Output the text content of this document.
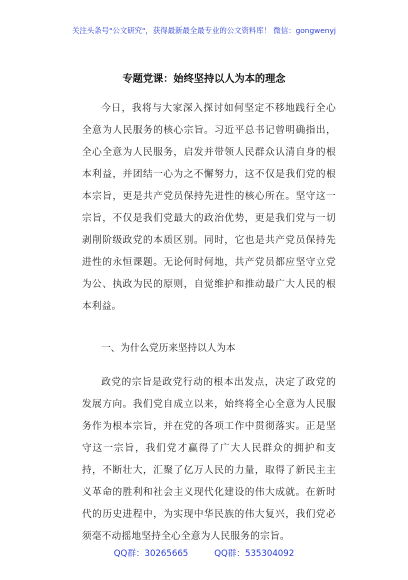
关注头条号"公文研究"，获得最新最全最专业的公文资料库！ 微信：gongwenyj
专题党课：始终坚持以人为本的理念

今日，我将与大家深入探讨如何坚定不移地践行全心全意为人民服务的核心宗旨。习近平总书记曾明确指出，全心全意为人民服务，启发并带领人民群众认清自身的根本利益，并团结一心为之不懈努力，这不仅是我们党的根本宗旨，更是共产党员保持先进性的核心所在。坚守这一宗旨，不仅是我们党最大的政治优势，更是我们党与一切剥削阶级政党的本质区别。同时，它也是共产党员保持先进性的永恒课题。无论何时何地，共产党员都应坚守立党为公、执政为民的原则，自觉维护和推动最广大人民的根本利益。

一、为什么党历来坚持以人为本

政党的宗旨是政党行动的根本出发点，决定了政党的发展方向。我们党自成立以来，始终将全心全意为人民服务作为根本宗旨，并在党的各项工作中贯彻落实。正是坚守这一宗旨，我们党才赢得了广大人民群众的拥护和支持，不断壮大，汇聚了亿万人民的力量，取得了新民主主义革命的胜利和社会主义现代化建设的伟大成就。在新时代的历史进程中，为实现中华民族的伟大复兴，我们党必须毫不动摇地坚持全心全意为人民服务的宗旨。

QQ群：30265665	QQ群：535304092
